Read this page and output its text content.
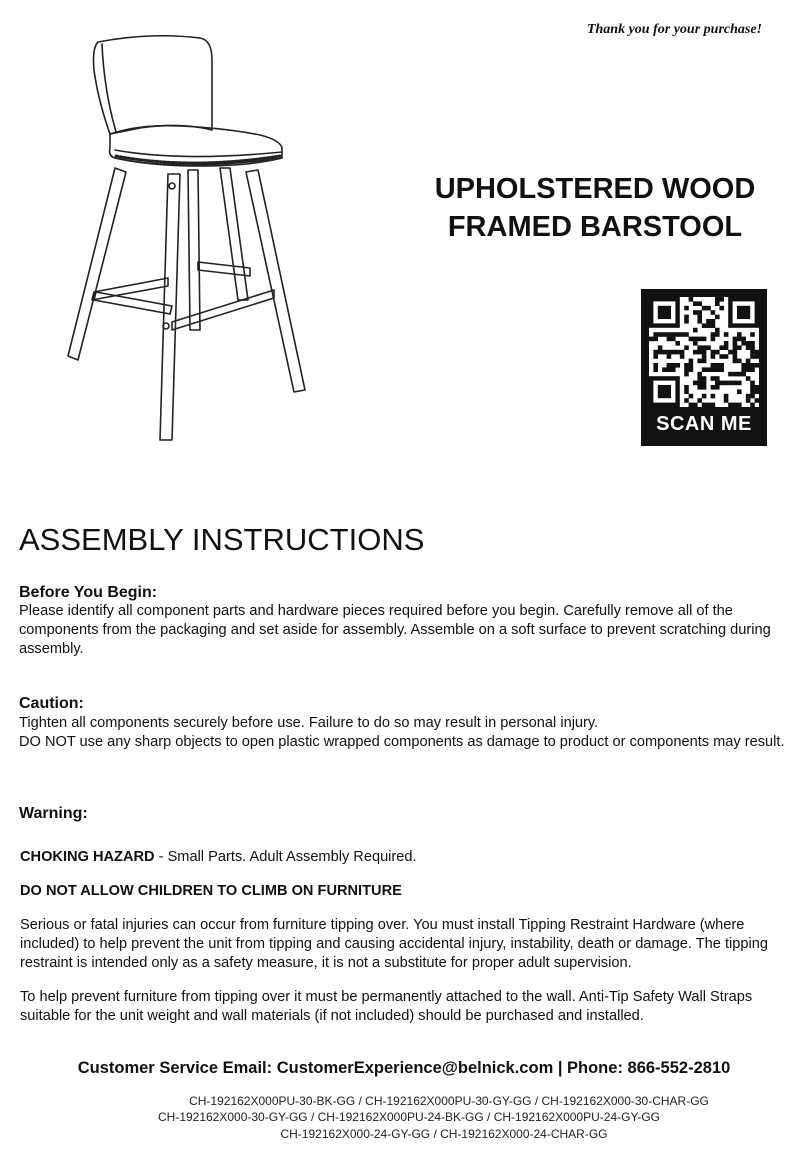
Thank you for your purchase!
UPHOLSTERED WOOD
FRAMED BARSTOOL
SCAN ME
ASSEMBLY INSTRUCTIONS
Before You Begin:
Please identify all component parts and hardware pieces required before you begin. Carefully remove all of the components from the packaging and set aside for assembly. Assemble on a soft surface to prevent scratching during assembly.
Caution:
Tighten all components securely before use. Failure to do so may result in personal injury.
DO NOT use any sharp objects to open plastic wrapped components as damage to product or components may result.
Warning:

CHOKING HAZARD - Small Parts. Adult Assembly Required.

DO NOT ALLOW CHILDREN TO CLIMB ON FURNITURE

Serious or fatal injuries can occur from furniture tipping over. You must install Tipping Restraint Hardware (where included) to help prevent the unit from tipping and causing accidental injury, instability, death or damage. The tipping restraint is intended only as a safety measure, it is not a substitute for proper adult supervision.

To help prevent furniture from tipping over it must be permanently attached to the wall. Anti-Tip Safety Wall Straps suitable for the unit weight and wall materials (if not included) should be purchased and installed.

Customer Service Email: CustomerExperience@belnick.com | Phone: 866-552-2810
CH-192162X000PU-30-BK-GG / CH-192162X000PU-30-GY-GG / CH-192162X000-30-CHAR-GG
CH-192162X000-30-GY-GG / CH-192162X000PU-24-BK-GG / CH-192162X000PU-24-GY-GG
CH-192162X000-24-GY-GG / CH-192162X000-24-CHAR-GG
